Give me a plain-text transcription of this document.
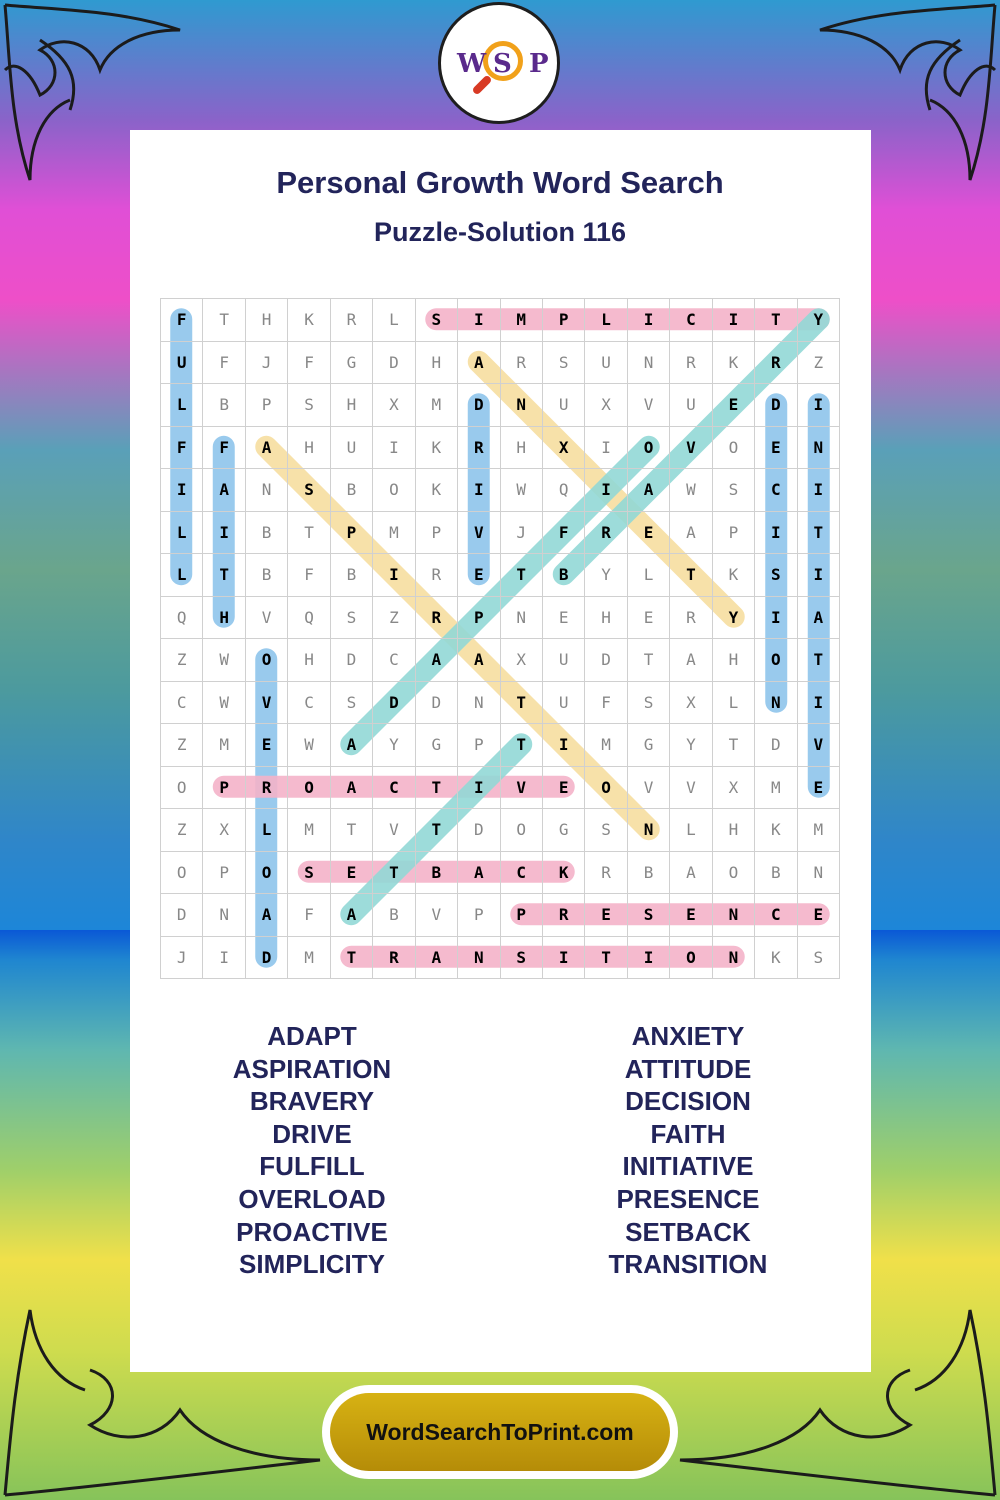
W S P
Personal Growth Word Search
Puzzle-Solution 116
F	T	H	K	R	L	S	I	M	P	L	I	C	I	T	Y
U	F	J	F	G	D	H	A	R	S	U	N	R	K	R	Z
L	B	P	S	H	X	M	D	N	U	X	V	U	E	D	I
F	F	A	H	U	I	K	R	H	X	I	O	V	O	E	N
I	A	N	S	B	O	K	I	W	Q	I	A	W	S	C	I
L	I	B	T	P	M	P	V	J	F	R	E	A	P	I	T
L	T	B	F	B	I	R	E	T	B	Y	L	T	K	S	I
Q	H	V	Q	S	Z	R	P	N	E	H	E	R	Y	I	A
Z	W	O	H	D	C	A	A	X	U	D	T	A	H	O	T
C	W	V	C	S	D	D	N	T	U	F	S	X	L	N	I
Z	M	E	W	A	Y	G	P	T	I	M	G	Y	T	D	V
O	P	R	O	A	C	T	I	V	E	O	V	V	X	M	E
Z	X	L	M	T	V	T	D	O	G	S	N	L	H	K	M
O	P	O	S	E	T	B	A	C	K	R	B	A	O	B	N
D	N	A	F	A	B	V	P	P	R	E	S	E	N	C	E
J	I	D	M	T	R	A	N	S	I	T	I	O	N	K	S
ADAPT
ASPIRATION
BRAVERY
DRIVE
FULFILL
OVERLOAD
PROACTIVE
SIMPLICITY
ANXIETY
ATTITUDE
DECISION
FAITH
INITIATIVE
PRESENCE
SETBACK
TRANSITION
WordSearchToPrint.com
